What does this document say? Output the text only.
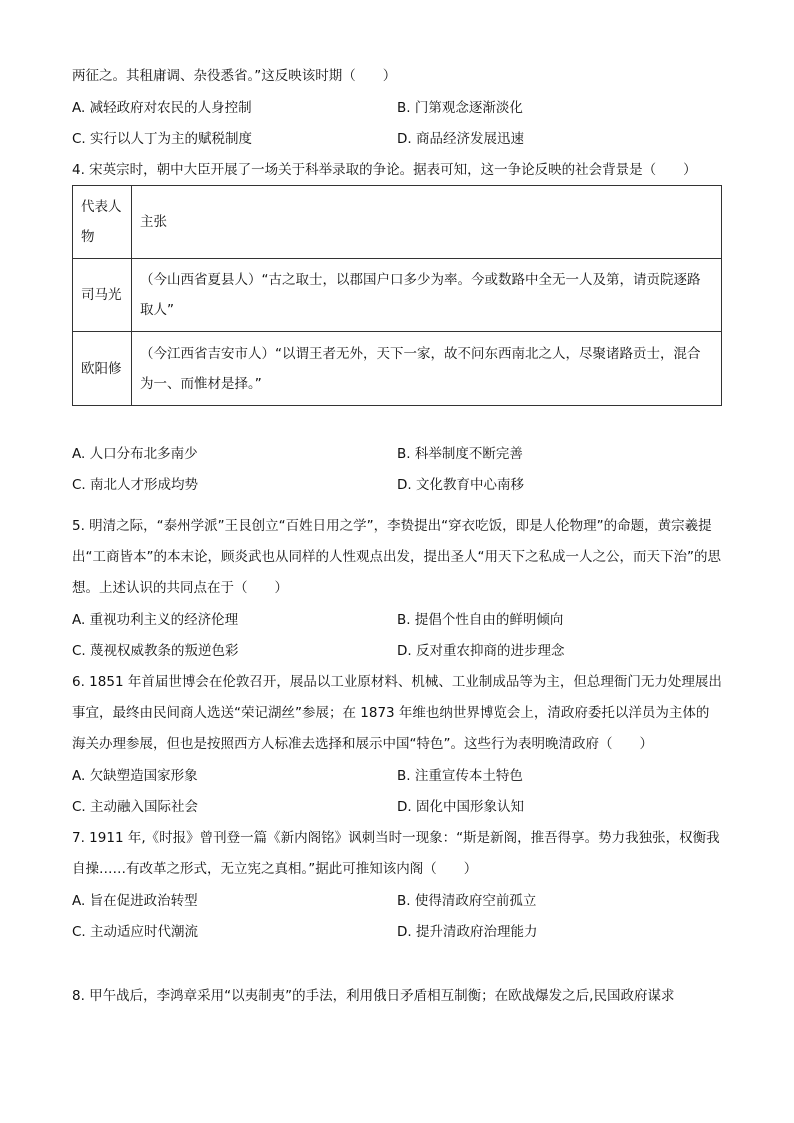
两征之。其租庸调、杂役悉省。”这反映该时期（　　）
A. 减轻政府对农民的人身控制	B. 门第观念逐渐淡化
C. 实行以人丁为主的赋税制度	D. 商品经济发展迅速
4. 宋英宗时，朝中大臣开展了一场关于科举录取的争论。据表可知，这一争论反映的社会背景是（　　）
代表人物	主张
司马光	（今山西省夏县人）“古之取士，以郡国户口多少为率。今或数路中全无一人及第，请贡院逐路取人”
欧阳修	（今江西省吉安市人）“以谓王者无外，天下一家，故不问东西南北之人，尽聚诸路贡士，混合为一、而惟材是择。”
A. 人口分布北多南少	B. 科举制度不断完善
C. 南北人才形成均势	D. 文化教育中心南移
5. 明清之际，“泰州学派”王艮创立“百姓日用之学”，李贽提出“穿衣吃饭，即是人伦物理”的命题，黄宗羲提出“工商皆本”的本末论，顾炎武也从同样的人性观点出发，提出圣人“用天下之私成一人之公，而天下治”的思想。上述认识的共同点在于（　　）
A. 重视功利主义的经济伦理	B. 提倡个性自由的鲜明倾向
C. 蔑视权威教条的叛逆色彩	D. 反对重农抑商的进步理念
6. 1851 年首届世博会在伦敦召开，展品以工业原材料、机械、工业制成品等为主，但总理衙门无力处理展出事宜，最终由民间商人选送“荣记湖丝”参展；在 1873 年维也纳世界博览会上，清政府委托以洋员为主体的海关办理参展，但也是按照西方人标准去选择和展示中国“特色”。这些行为表明晚清政府（　　）
A. 欠缺塑造国家形象	B. 注重宣传本土特色
C. 主动融入国际社会	D. 固化中国形象认知
7. 1911 年,《时报》曾刊登一篇《新内阁铭》讽刺当时一现象：“斯是新阁，推吾得享。势力我独张，权衡我自操……有改革之形式，无立宪之真相。”据此可推知该内阁（　　）
A. 旨在促进政治转型	B. 使得清政府空前孤立
C. 主动适应时代潮流	D. 提升清政府治理能力
8. 甲午战后，李鸿章采用“以夷制夷”的手法，利用俄日矛盾相互制衡；在欧战爆发之后,民国政府谋求
